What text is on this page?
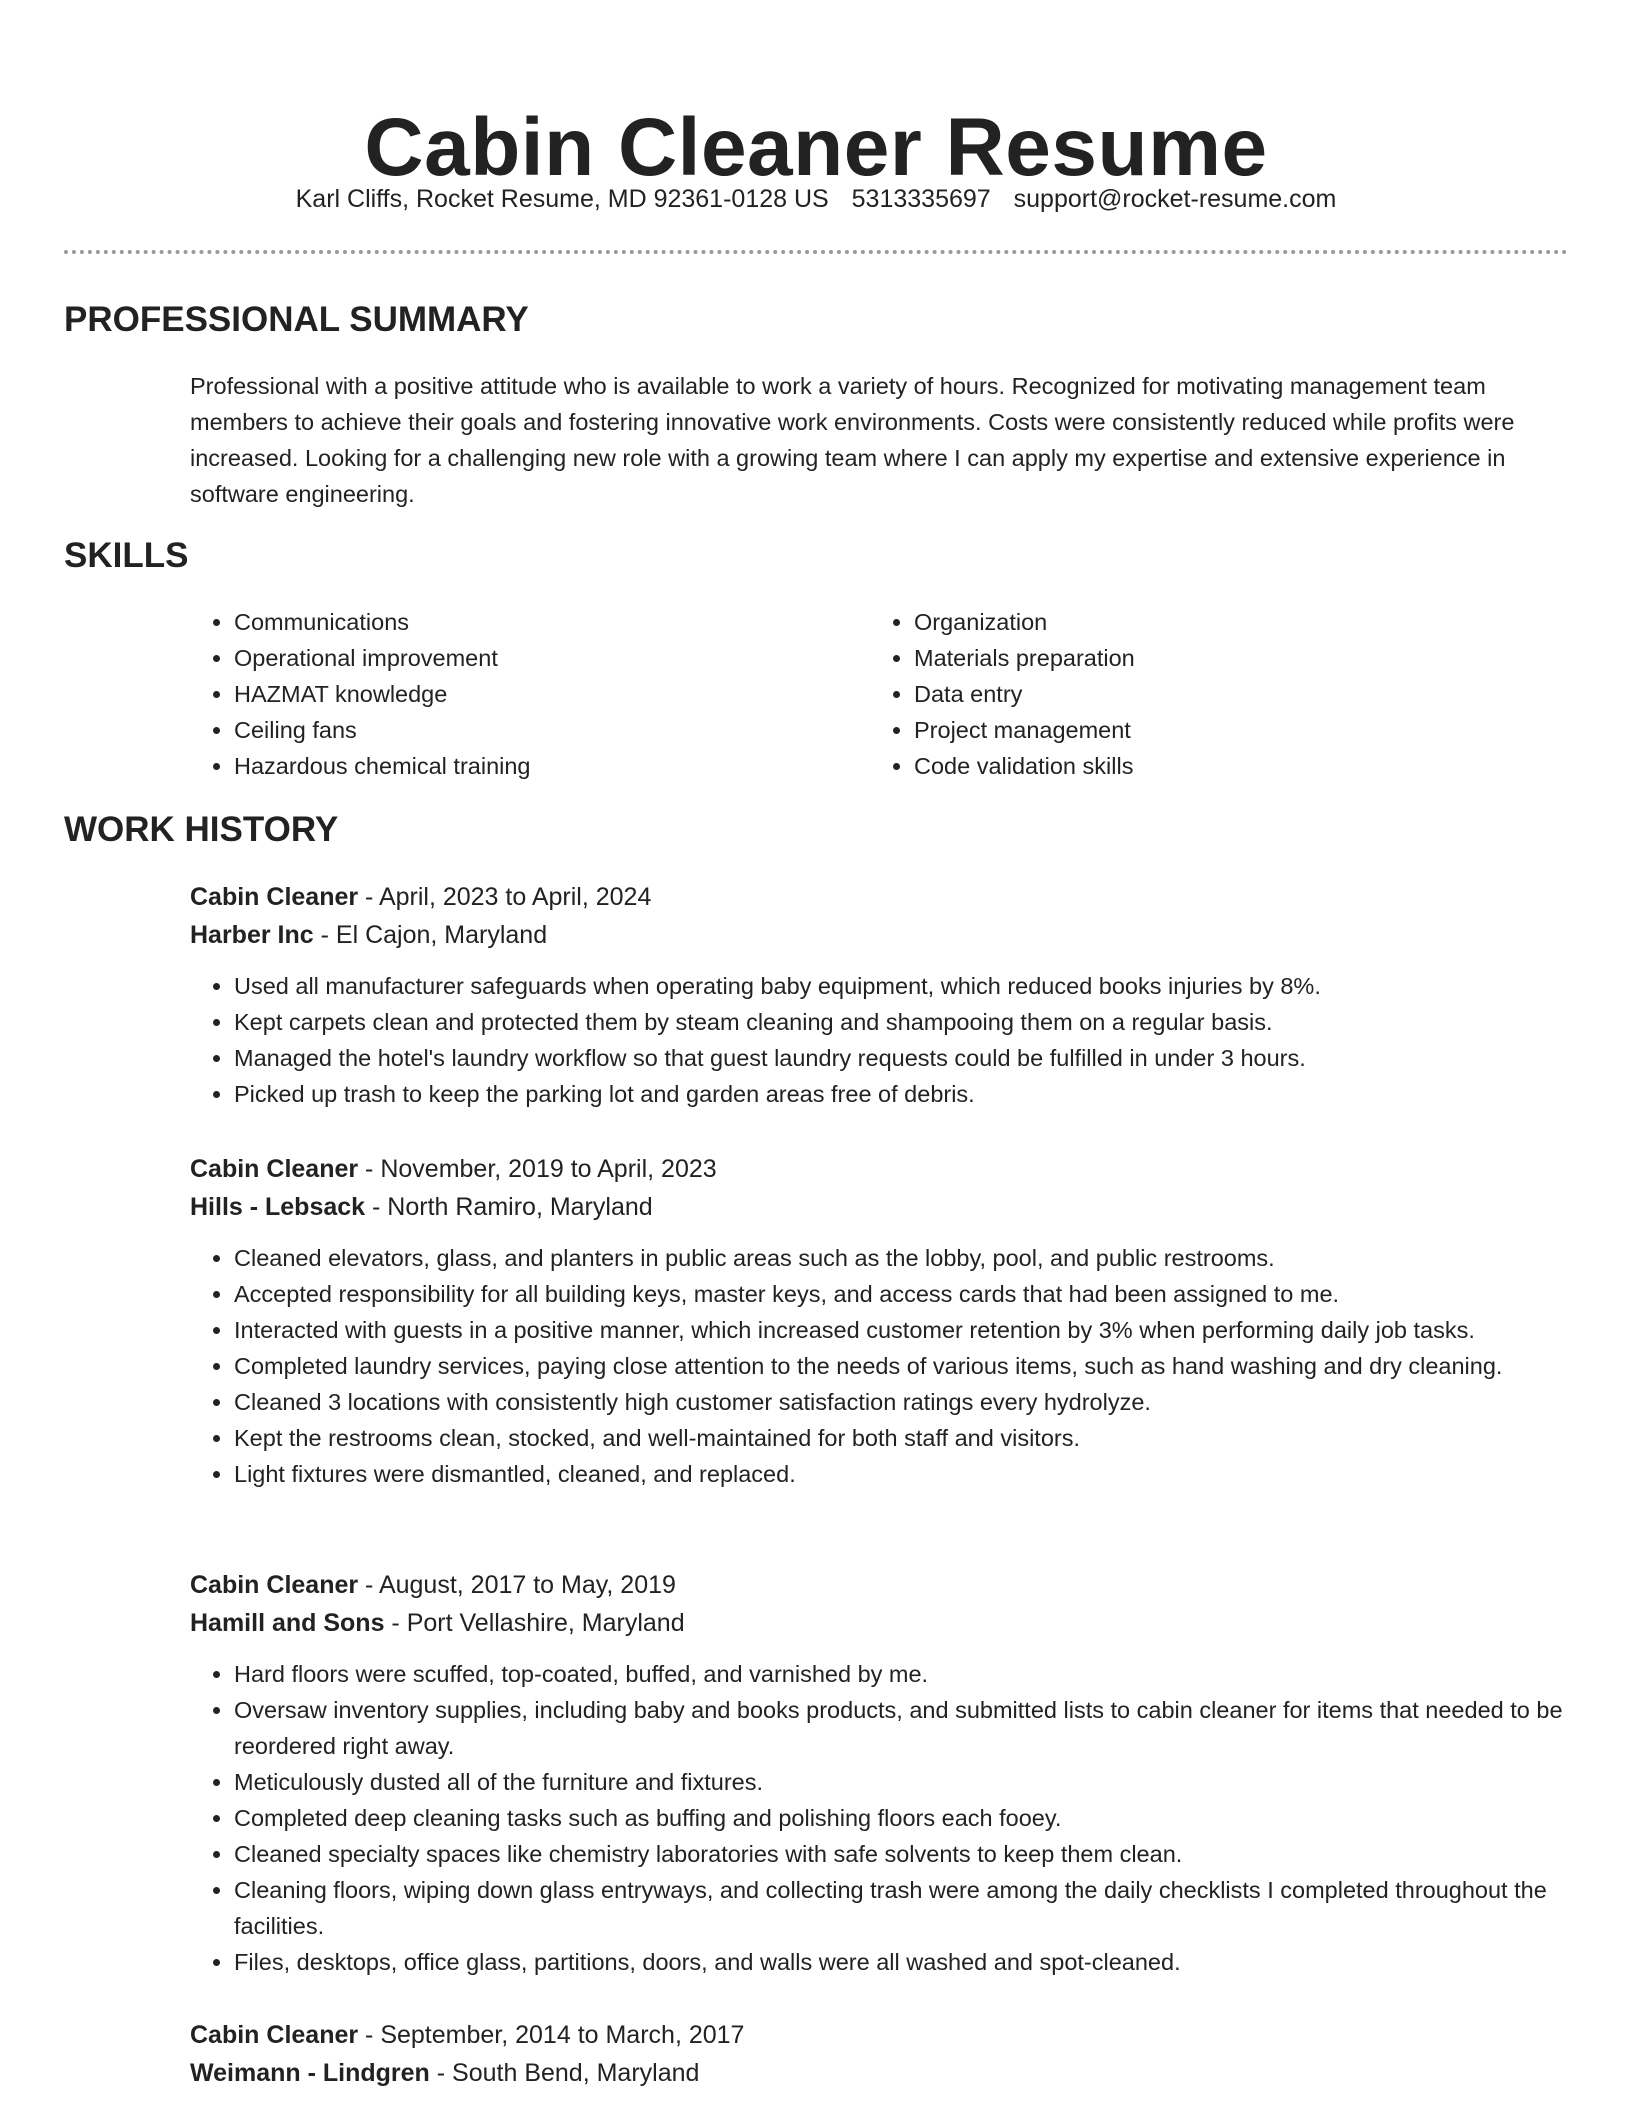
Cabin Cleaner Resume
Karl Cliffs, Rocket Resume, MD 92361-0128 US 5313335697 support@rocket-resume.com
PROFESSIONAL SUMMARY

Professional with a positive attitude who is available to work a variety of hours. Recognized for motivating management team members to achieve their goals and fostering innovative work environments. Costs were consistently reduced while profits were increased. Looking for a challenging new role with a growing team where I can apply my expertise and extensive experience in software engineering.

SKILLS
• Communications
• Operational improvement
• HAZMAT knowledge
• Ceiling fans
• Hazardous chemical training
• Organization
• Materials preparation
• Data entry
• Project management
• Code validation skills
WORK HISTORY

Cabin Cleaner - April, 2023 to April, 2024

Harber Inc - El Cajon, Maryland

• Used all manufacturer safeguards when operating baby equipment, which reduced books injuries by 8%.
• Kept carpets clean and protected them by steam cleaning and shampooing them on a regular basis.
• Managed the hotel's laundry workflow so that guest laundry requests could be fulfilled in under 3 hours.
• Picked up trash to keep the parking lot and garden areas free of debris.

Cabin Cleaner - November, 2019 to April, 2023

Hills - Lebsack - North Ramiro, Maryland

• Cleaned elevators, glass, and planters in public areas such as the lobby, pool, and public restrooms.
• Accepted responsibility for all building keys, master keys, and access cards that had been assigned to me.
• Interacted with guests in a positive manner, which increased customer retention by 3% when performing daily job tasks.
• Completed laundry services, paying close attention to the needs of various items, such as hand washing and dry cleaning.
• Cleaned 3 locations with consistently high customer satisfaction ratings every hydrolyze.
• Kept the restrooms clean, stocked, and well-maintained for both staff and visitors.
• Light fixtures were dismantled, cleaned, and replaced.

Cabin Cleaner - August, 2017 to May, 2019

Hamill and Sons - Port Vellashire, Maryland

• Hard floors were scuffed, top-coated, buffed, and varnished by me.
• Oversaw inventory supplies, including baby and books products, and submitted lists to cabin cleaner for items that needed to be reordered right away.
• Meticulously dusted all of the furniture and fixtures.
• Completed deep cleaning tasks such as buffing and polishing floors each fooey.
• Cleaned specialty spaces like chemistry laboratories with safe solvents to keep them clean.
• Cleaning floors, wiping down glass entryways, and collecting trash were among the daily checklists I completed throughout the facilities.
• Files, desktops, office glass, partitions, doors, and walls were all washed and spot-cleaned.

Cabin Cleaner - September, 2014 to March, 2017

Weimann - Lindgren - South Bend, Maryland
